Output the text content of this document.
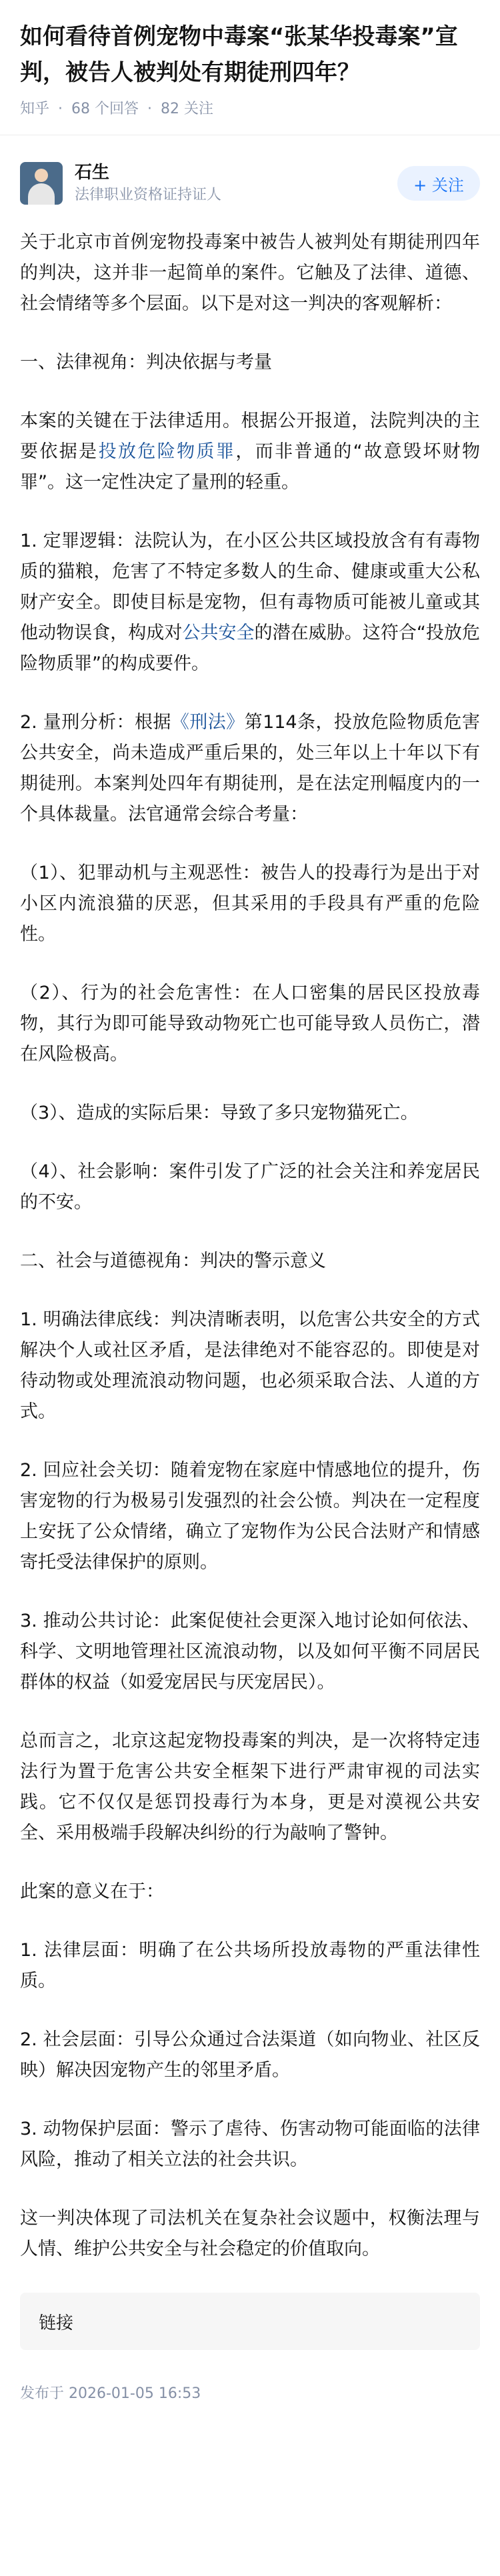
如何看待首例宠物中毒案“张某华投毒案”宣判，被告人被判处有期徒刑四年？
知乎 · 68 个回答 · 82 关注
石生
法律职业资格证持证人
+ 关注

关于北京市首例宠物投毒案中被告人被判处有期徒刑四年的判决，这并非一起简单的案件。它触及了法律、道德、社会情绪等多个层面。以下是对这一判决的客观解析：

一、法律视角：判决依据与考量

本案的关键在于法律适用。根据公开报道，法院判决的主要依据是投放危险物质罪，而非普通的“故意毁坏财物罪”。这一定性决定了量刑的轻重。

1. 定罪逻辑：法院认为，在小区公共区域投放含有有毒物质的猫粮，危害了不特定多数人的生命、健康或重大公私财产安全。即使目标是宠物，但有毒物质可能被儿童或其他动物误食，构成对公共安全的潜在威胁。这符合“投放危险物质罪”的构成要件。

2. 量刑分析：根据《刑法》第114条，投放危险物质危害公共安全，尚未造成严重后果的，处三年以上十年以下有期徒刑。本案判处四年有期徒刑，是在法定刑幅度内的一个具体裁量。法官通常会综合考量：

（1）、犯罪动机与主观恶性：被告人的投毒行为是出于对小区内流浪猫的厌恶，但其采用的手段具有严重的危险性。

（2）、行为的社会危害性：在人口密集的居民区投放毒物，其行为即可能导致动物死亡也可能导致人员伤亡，潜在风险极高。

（3）、造成的实际后果：导致了多只宠物猫死亡。

（4）、社会影响：案件引发了广泛的社会关注和养宠居民的不安。

二、社会与道德视角：判决的警示意义

1. 明确法律底线：判决清晰表明，以危害公共安全的方式解决个人或社区矛盾，是法律绝对不能容忍的。即使是对待动物或处理流浪动物问题，也必须采取合法、人道的方式。

2. 回应社会关切：随着宠物在家庭中情感地位的提升，伤害宠物的行为极易引发强烈的社会公愤。判决在一定程度上安抚了公众情绪，确立了宠物作为公民合法财产和情感寄托受法律保护的原则。

3. 推动公共讨论：此案促使社会更深入地讨论如何依法、科学、文明地管理社区流浪动物，以及如何平衡不同居民群体的权益（如爱宠居民与厌宠居民）。

总而言之，北京这起宠物投毒案的判决，是一次将特定违法行为置于危害公共安全框架下进行严肃审视的司法实践。它不仅仅是惩罚投毒行为本身，更是对漠视公共安全、采用极端手段解决纠纷的行为敲响了警钟。

此案的意义在于：

1. 法律层面：明确了在公共场所投放毒物的严重法律性质。

2. 社会层面：引导公众通过合法渠道（如向物业、社区反映）解决因宠物产生的邻里矛盾。

3. 动物保护层面：警示了虐待、伤害动物可能面临的法律风险，推动了相关立法的社会共识。

这一判决体现了司法机关在复杂社会议题中，权衡法理与人情、维护公共安全与社会稳定的价值取向。

链接
发布于 2026-01-05 16:53
